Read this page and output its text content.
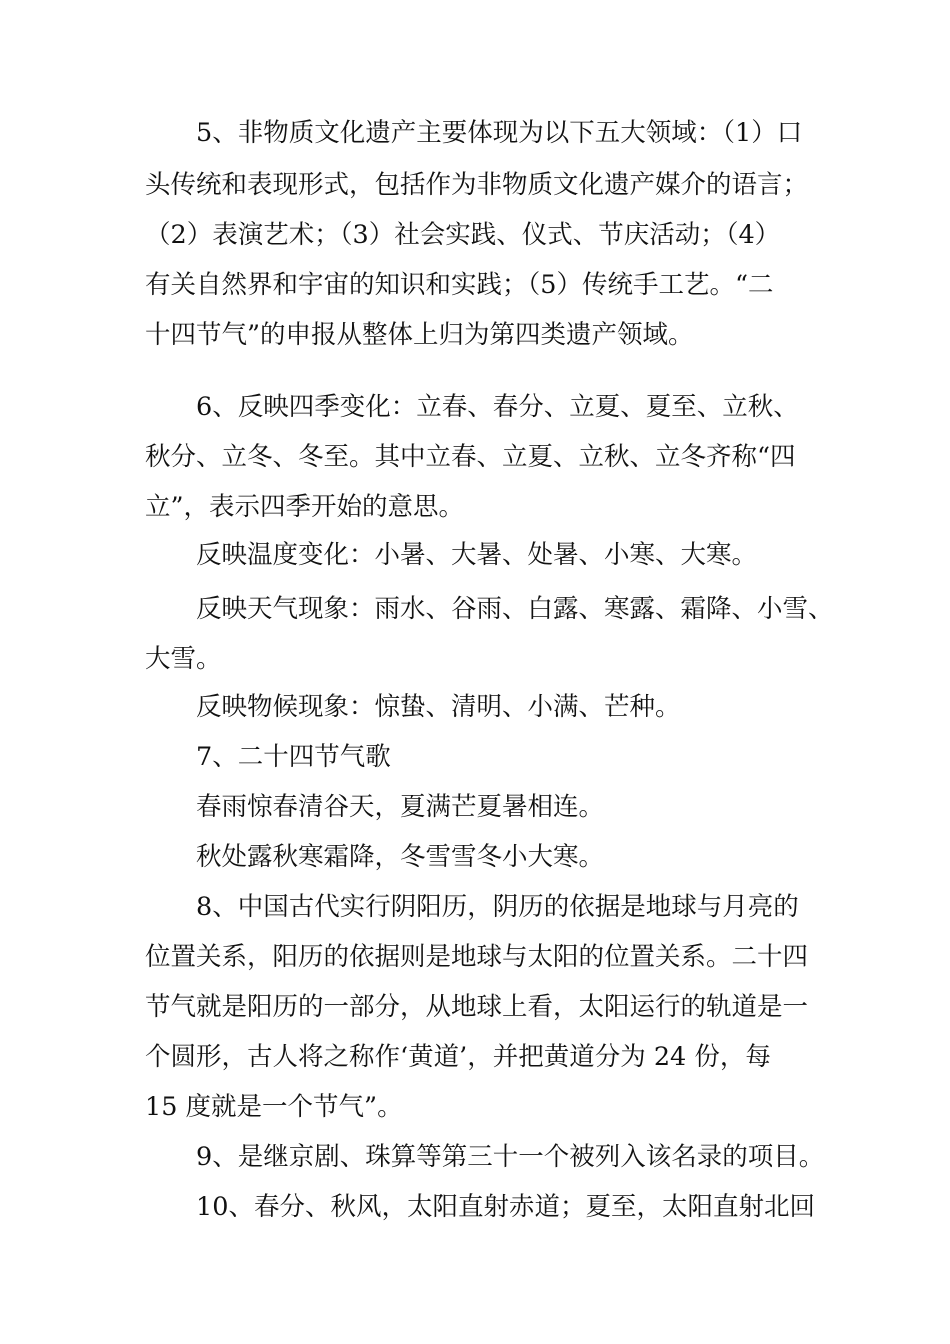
5、非物质文化遗产主要体现为以下五大领域：（1）口
头传统和表现形式，包括作为非物质文化遗产媒介的语言；
（2）表演艺术；（3）社会实践、仪式、节庆活动；（4）
有关自然界和宇宙的知识和实践；（5）传统手工艺。“二
十四节气”的申报从整体上归为第四类遗产领域。
6、反映四季变化：立春、春分、立夏、夏至、立秋、
秋分、立冬、冬至。其中立春、立夏、立秋、立冬齐称“四
立”，表示四季开始的意思。
反映温度变化：小暑、大暑、处暑、小寒、大寒。
反映天气现象：雨水、谷雨、白露、寒露、霜降、小雪、
大雪。
反映物候现象：惊蛰、清明、小满、芒种。
7、二十四节气歌
春雨惊春清谷天，夏满芒夏暑相连。
秋处露秋寒霜降，冬雪雪冬小大寒。
8、中国古代实行阴阳历，阴历的依据是地球与月亮的
位置关系，阳历的依据则是地球与太阳的位置关系。二十四
节气就是阳历的一部分，从地球上看，太阳运行的轨道是一
个圆形，古人将之称作‘黄道’，并把黄道分为 24 份，每
15 度就是一个节气”。
9、是继京剧、珠算等第三十一个被列入该名录的项目。
10、春分、秋风，太阳直射赤道；夏至，太阳直射北回
